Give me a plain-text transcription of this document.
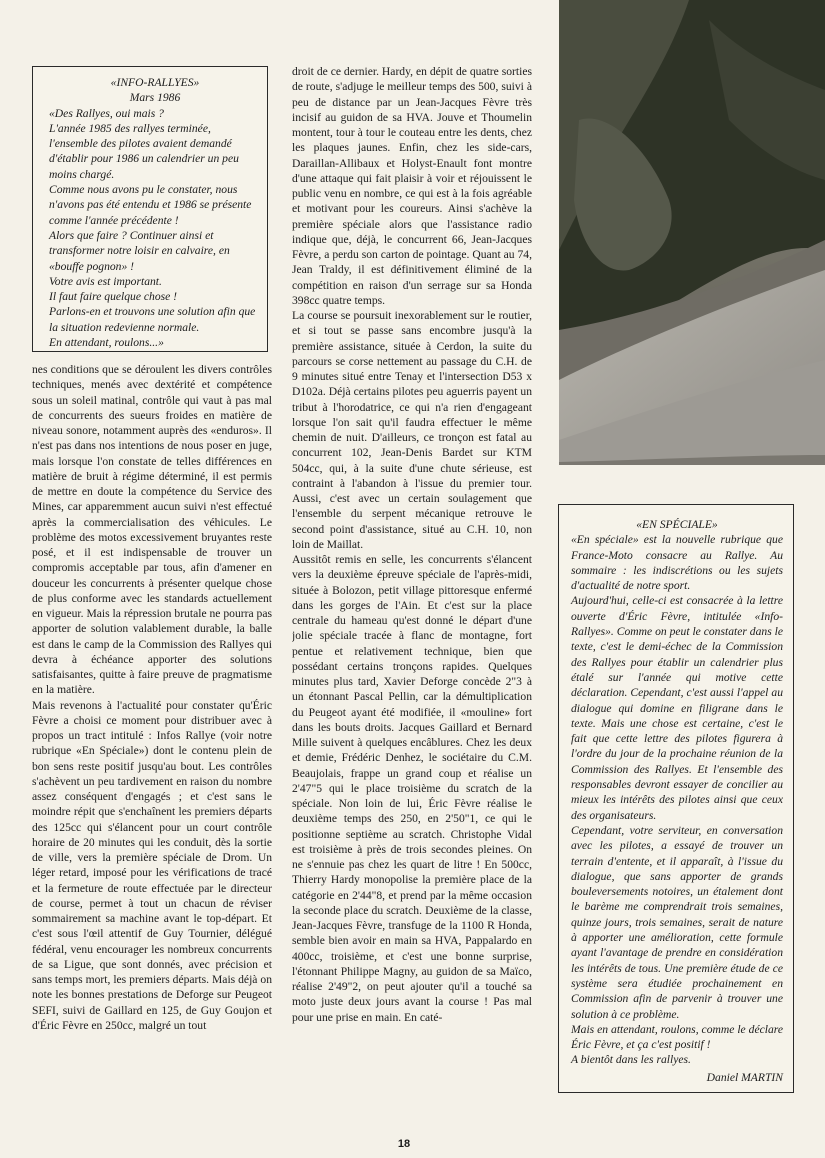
«INFO-RALLYES»
Mars 1986

«Des Rallyes, oui mais ?

L'année 1985 des rallyes terminée, l'ensemble des pilotes avaient demandé d'établir pour 1986 un calendrier un peu moins chargé.

Comme nous avons pu le constater, nous n'avons pas été entendu et 1986 se présente comme l'année précédente !

Alors que faire ? Continuer ainsi et transformer notre loisir en calvaire, en «bouffe pognon» !

Votre avis est important.

Il faut faire quelque chose !

Parlons-en et trouvons une solution afin que la situation redevienne normale.

En attendant, roulons...»

nes conditions que se déroulent les divers contrôles techniques, menés avec dextérité et compétence sous un soleil matinal, contrôle qui vaut à pas mal de concurrents des sueurs froides en matière de niveau sonore, notamment auprès des «enduros». Il n'est pas dans nos intentions de nous poser en juge, mais lorsque l'on constate de telles différences en matière de bruit à régime déterminé, il est permis de mettre en doute la compétence du Service des Mines, car apparemment aucun suivi n'est effectué après la commercialisation des véhicules. Le problème des motos excessivement bruyantes reste posé, et il est indispensable de trouver un compromis acceptable par tous, afin d'amener en douceur les concurrents à présenter quelque chose de plus conforme avec les standards actuellement en vigueur. Mais la répression brutale ne pourra pas apporter de solution valablement durable, la balle est dans le camp de la Commission des Rallyes qui devra à échéance apporter des solutions satisfaisantes, quitte à faire preuve de pragmatisme en la matière.

Mais revenons à l'actualité pour constater qu'Éric Fèvre a choisi ce moment pour distribuer avec à propos un tract intitulé : Infos Rallye (voir notre rubrique «En Spéciale») dont le contenu plein de bon sens reste positif jusqu'au bout. Les contrôles s'achèvent un peu tardivement en raison du nombre assez conséquent d'engagés ; et c'est sans le moindre répit que s'enchaînent les premiers départs des 125cc qui s'élancent pour un court contrôle horaire de 20 minutes qui les conduit, dès la sortie de ville, vers la première spéciale de Drom. Un léger retard, imposé pour les vérifications de tracé et la fermeture de route effectuée par le directeur de course, permet à tout un chacun de réviser sommairement sa machine avant le top-départ. Et c'est sous l'œil attentif de Guy Tournier, délégué fédéral, venu encourager les nombreux concurrents de sa Ligue, que sont donnés, avec précision et sans temps mort, les premiers départs. Mais déjà on note les bonnes prestations de Deforge sur Peugeot SEFI, suivi de Gaillard en 125, de Guy Goujon et d'Éric Fèvre en 250cc, malgré un tout

droit de ce dernier. Hardy, en dépit de quatre sorties de route, s'adjuge le meilleur temps des 500, suivi à peu de distance par un Jean-Jacques Fèvre très incisif au guidon de sa HVA. Jouve et Thoumelin montent, tour à tour le couteau entre les dents, chez les plaques jaunes. Enfin, chez les side-cars, Daraillan-Allibaux et Holyst-Enault font montre d'une attaque qui fait plaisir à voir et réjouissent le public venu en nombre, ce qui est à la fois agréable et motivant pour les coureurs. Ainsi s'achève la première spéciale alors que l'assistance radio indique que, déjà, le concurrent 66, Jean-Jacques Fèvre, a perdu son carton de pointage. Quant au 74, Jean Traldy, il est définitivement éliminé de la compétition en raison d'un serrage sur sa Honda 398cc quatre temps.

La course se poursuit inexorablement sur le routier, et si tout se passe sans encombre jusqu'à la première assistance, située à Cerdon, la suite du parcours se corse nettement au passage du C.H. de 9 minutes situé entre Tenay et l'intersection D53 x D102a. Déjà certains pilotes peu aguerris payent un tribut à l'horodatrice, ce qui n'a rien d'engageant lorsque l'on sait qu'il faudra effectuer le même chemin de nuit. D'ailleurs, ce tronçon est fatal au concurrent 102, Jean-Denis Bardet sur KTM 504cc, qui, à la suite d'une chute sérieuse, est contraint à l'abandon à l'issue du premier tour. Aussi, c'est avec un certain soulagement que l'ensemble du serpent mécanique retrouve le second point d'assistance, situé au C.H. 10, non loin de Maillat.

Aussitôt remis en selle, les concurrents s'élancent vers la deuxième épreuve spéciale de l'après-midi, située à Bolozon, petit village pittoresque enfermé dans les gorges de l'Ain. Et c'est sur la place centrale du hameau qu'est donné le départ d'une jolie spéciale tracée à flanc de montagne, fort pentue et relativement technique, bien que possédant certains tronçons rapides. Quelques minutes plus tard, Xavier Deforge concède 2"3 à un étonnant Pascal Pellin, car la démultiplication du Peugeot ayant été modifiée, il «mouline» fort dans les bouts droits. Jacques Gaillard et Bernard Mille suivent à quelques encâblures. Chez les deux et demie, Frédéric Denhez, le sociétaire du C.M. Beaujolais, frappe un grand coup et réalise un 2'47"5 qui le place troisième du scratch de la spéciale. Non loin de lui, Éric Fèvre réalise le deuxième temps des 250, en 2'50"1, ce qui le positionne septième au scratch. Christophe Vidal est troisième à près de trois secondes pleines. On ne s'ennuie pas chez les quart de litre ! En 500cc, Thierry Hardy monopolise la première place de la catégorie en 2'44"8, et prend par la même occasion la seconde place du scratch. Deuxième de la classe, Jean-Jacques Fèvre, transfuge de la 1100 R Honda, semble bien avoir en main sa HVA, Pappalardo en 400cc, troisième, et c'est une bonne surprise, l'étonnant Philippe Magny, au guidon de sa Maïco, réalise 2'49"2, on peut ajouter qu'il a touché sa moto juste deux jours avant la course ! Pas mal pour une prise en main. En caté-

«EN SPÉCIALE»

«En spéciale» est la nouvelle rubrique que France-Moto consacre au Rallye. Au sommaire : les indiscrétions ou les sujets d'actualité de notre sport.

Aujourd'hui, celle-ci est consacrée à la lettre ouverte d'Éric Fèvre, intitulée «Info-Rallyes». Comme on peut le constater dans le texte, c'est le demi-échec de la Commission des Rallyes pour établir un calendrier plus étalé sur l'année qui motive cette déclaration. Cependant, c'est aussi l'appel au dialogue qui domine en filigrane dans le texte. Mais une chose est certaine, c'est le fait que cette lettre des pilotes figurera à l'ordre du jour de la prochaine réunion de la Commission des Rallyes. Et l'ensemble des responsables devront essayer de concilier au mieux les intérêts des pilotes ainsi que ceux des organisateurs.

Cependant, votre serviteur, en conversation avec les pilotes, a essayé de trouver un terrain d'entente, et il apparaît, à l'issue du dialogue, que sans apporter de grands bouleversements notoires, un étalement dont le barème me comprendrait trois semaines, quinze jours, trois semaines, serait de nature à apporter une amélioration, cette formule ayant l'avantage de prendre en considération les intérêts de tous. Une première étude de ce système sera étudiée prochainement en Commission afin de parvenir à trouver une solution à ce problème.

Mais en attendant, roulons, comme le déclare Éric Fèvre, et ça c'est positif !

A bientôt dans les rallyes.

Daniel MARTIN
18
